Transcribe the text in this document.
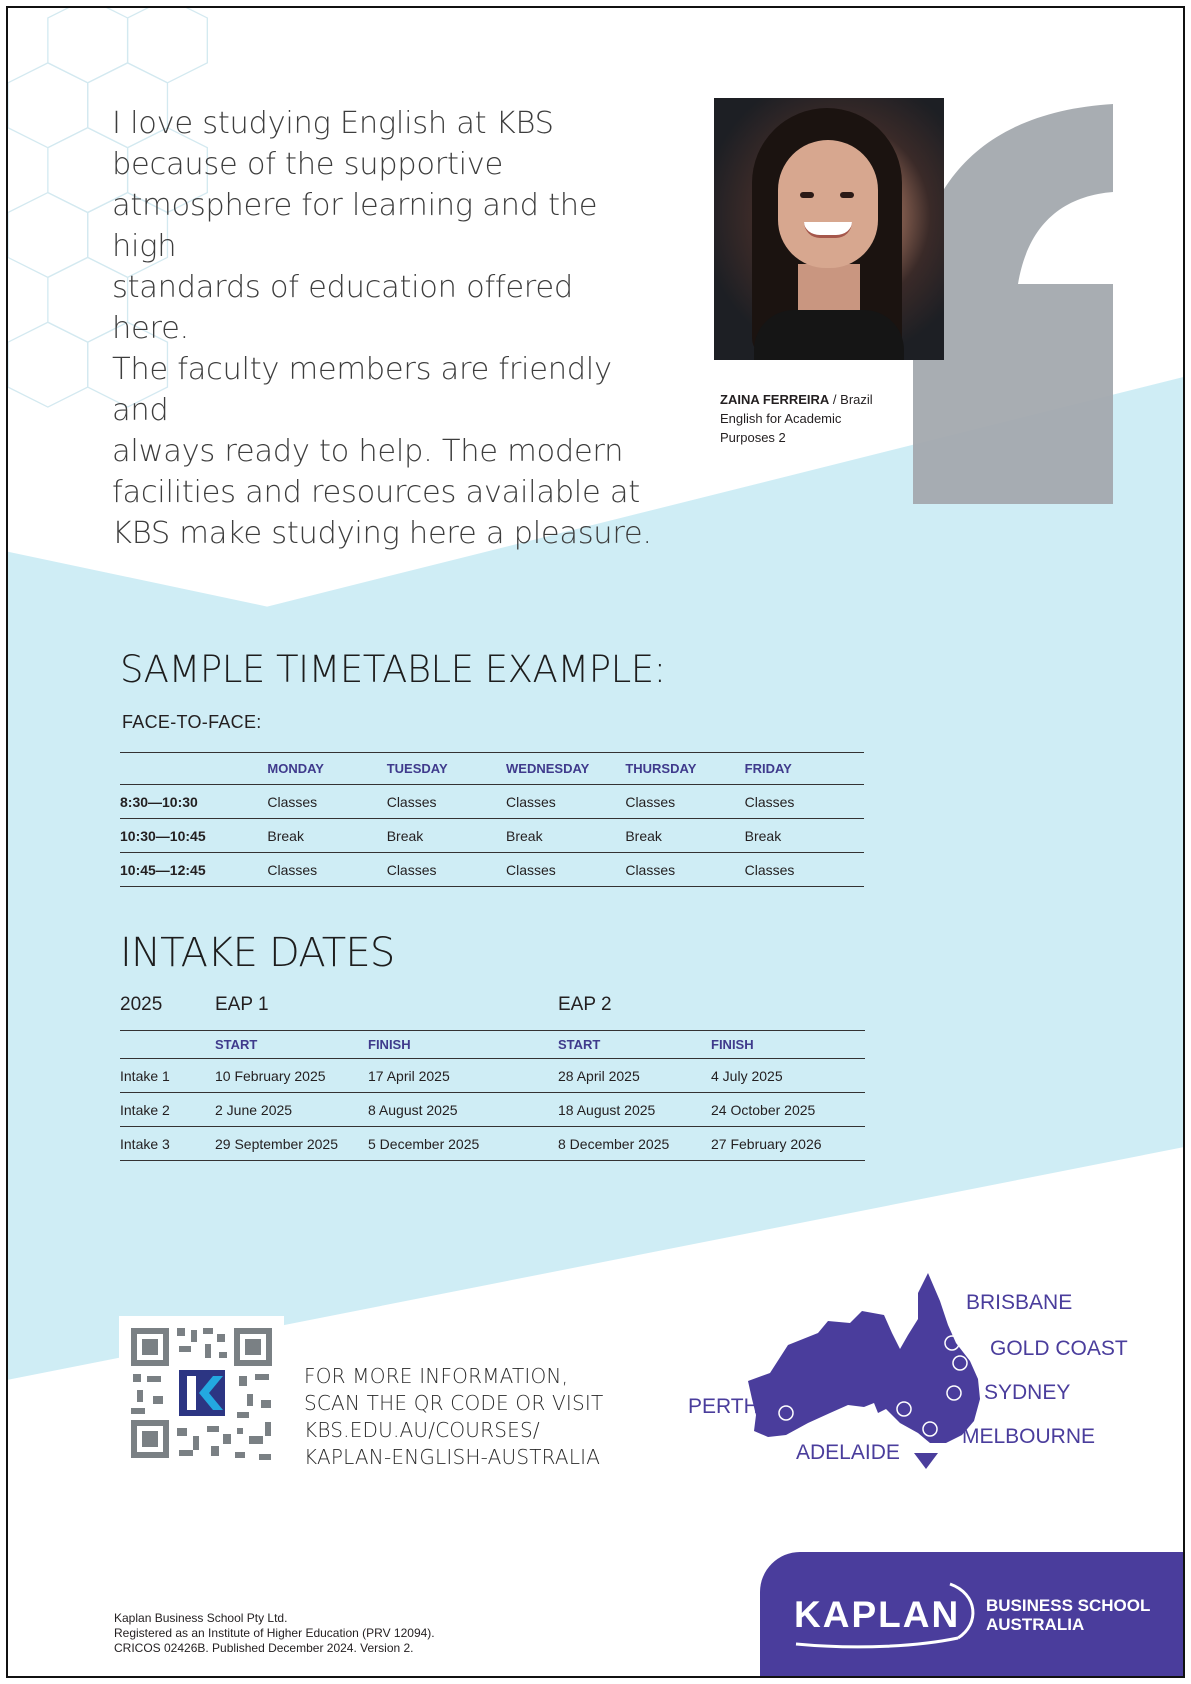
I love studying English at KBS
because of the supportive
atmosphere for learning and the high
standards of education offered here.
The faculty members are friendly and
always ready to help. The modern
facilities and resources available at
KBS make studying here a pleasure.
ZAINA FERREIRA / Brazil
English for Academic
Purposes 2
SAMPLE TIMETABLE EXAMPLE:
FACE-TO-FACE:
	MONDAY	TUESDAY	WEDNESDAY	THURSDAY	FRIDAY
8:30—10:30	Classes	Classes	Classes	Classes	Classes
10:30—10:45	Break	Break	Break	Break	Break
10:45—12:45	Classes	Classes	Classes	Classes	Classes
INTAKE DATES
2025	EAP 1	EAP 2
	START	FINISH	START	FINISH
Intake 1	10 February 2025	17 April 2025	28 April 2025	4 July 2025
Intake 2	2 June 2025	8 August 2025	18 August 2025	24 October 2025
Intake 3	29 September 2025	5 December 2025	8 December 2025	27 February 2026
FOR MORE INFORMATION,
SCAN THE QR CODE OR VISIT
KBS.EDU.AU/COURSES/
KAPLAN-ENGLISH-AUSTRALIA
BRISBANE
GOLD COAST
SYDNEY
MELBOURNE
ADELAIDE
PERTH
Kaplan Business School Pty Ltd.
Registered as an Institute of Higher Education (PRV 12094).
CRICOS 02426B. Published December 2024. Version 2.
KAPLAN BUSINESS SCHOOL
AUSTRALIA
